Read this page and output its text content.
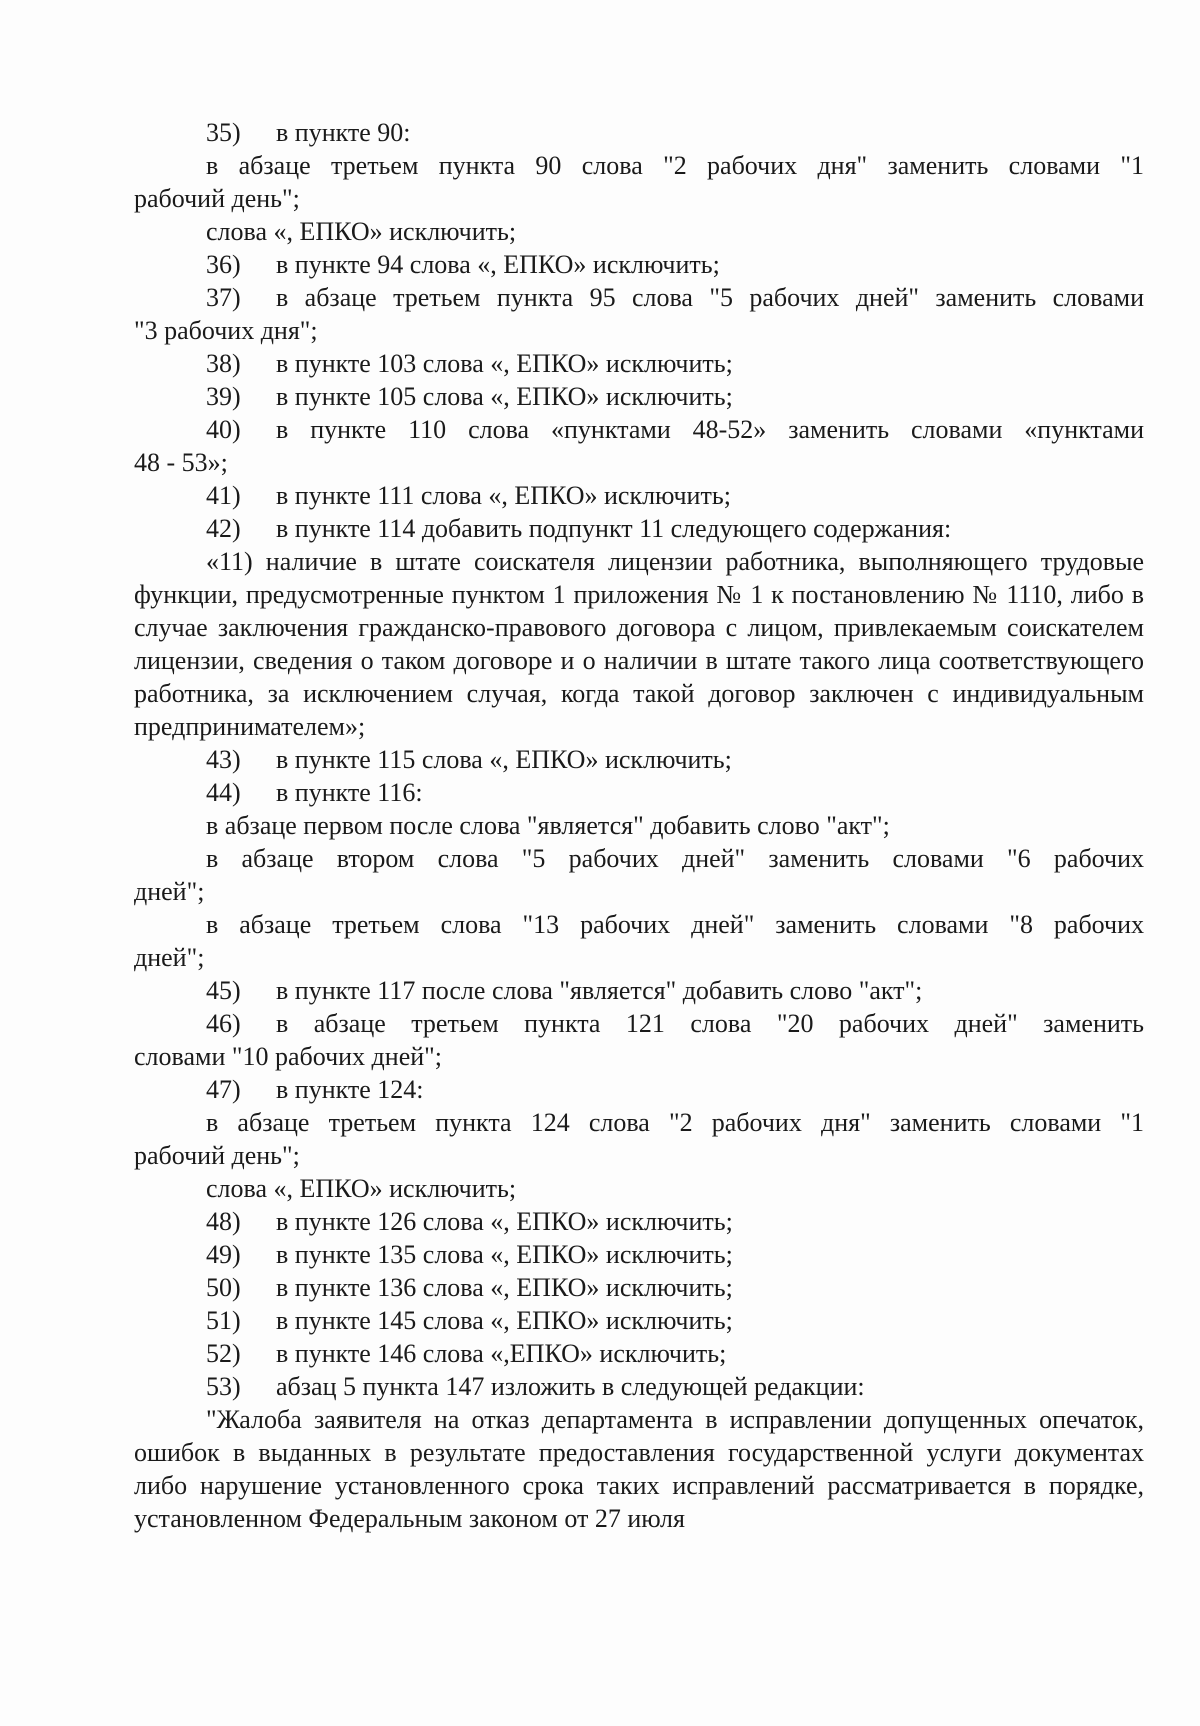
35) в пункте 90:
в абзаце третьем пункта 90 слова "2 рабочих дня" заменить словами "1
рабочий день";
слова «, ЕПКО» исключить;
36) в пункте 94 слова «, ЕПКО» исключить;
37) в абзаце третьем пункта 95 слова "5 рабочих дней" заменить словами
"3 рабочих дня";
38) в пункте 103 слова «, ЕПКО» исключить;
39) в пункте 105 слова «, ЕПКО» исключить;
40) в пункте 110 слова «пунктами 48-52» заменить словами «пунктами
48 - 53»;
41) в пункте 111 слова «, ЕПКО» исключить;
42) в пункте 114 добавить подпункт 11 следующего содержания:
«11) наличие в штате соискателя лицензии работника, выполняющего трудовые функции, предусмотренные пунктом 1 приложения № 1 к постановлению № 1110, либо в случае заключения гражданско-правового договора с лицом, привлекаемым соискателем лицензии, сведения о таком договоре и о наличии в штате такого лица соответствующего работника, за исключением случая, когда такой договор заключен с индивидуальным предпринимателем»;
43) в пункте 115 слова «, ЕПКО» исключить;
44) в пункте 116:
в абзаце первом после слова "является" добавить слово "акт";
в абзаце втором слова "5 рабочих дней" заменить словами "6 рабочих
дней";
в абзаце третьем слова "13 рабочих дней" заменить словами "8 рабочих
дней";
45) в пункте 117 после слова "является" добавить слово "акт";
46) в абзаце третьем пункта 121 слова "20 рабочих дней" заменить
словами "10 рабочих дней";
47) в пункте 124:
в абзаце третьем пункта 124 слова "2 рабочих дня" заменить словами "1
рабочий день";
слова «, ЕПКО» исключить;
48) в пункте 126 слова «, ЕПКО» исключить;
49) в пункте 135 слова «, ЕПКО» исключить;
50) в пункте 136 слова «, ЕПКО» исключить;
51) в пункте 145 слова «, ЕПКО» исключить;
52) в пункте 146 слова «,ЕПКО» исключить;
53) абзац 5 пункта 147 изложить в следующей редакции:
"Жалоба заявителя на отказ департамента в исправлении допущенных опечаток, ошибок в выданных в результате предоставления государственной услуги документах либо нарушение установленного срока таких исправлений рассматривается в порядке, установленном Федеральным законом от 27 июля
